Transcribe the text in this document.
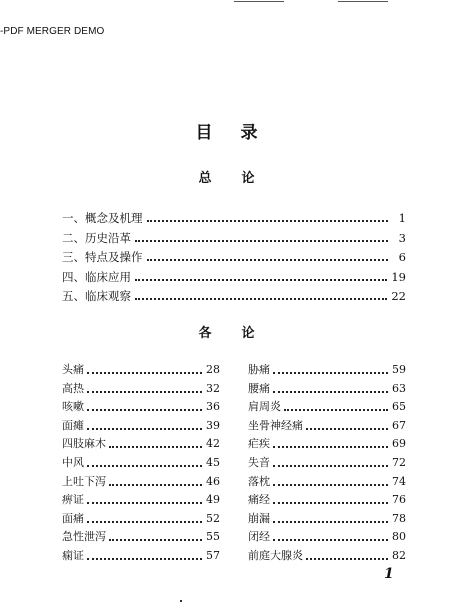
-PDF MERGER DEMO
目录
总论
一、概念及机理	1
二、历史沿革	3
三、特点及操作	6
四、临床应用	19
五、临床观察	22
各论
头痛	28
高热	32
咳嗽	36
面瘫	39
四肢麻木	42
中风	45
上吐下泻	46
痹证	49
面痛	52
急性泄泻	55
痫证	57
胁痛	59
腰痛	63
肩周炎	65
坐骨神经痛	67
疟疾	69
失音	72
落枕	74
痛经	76
崩漏	78
闭经	80
前庭大腺炎	82
1
